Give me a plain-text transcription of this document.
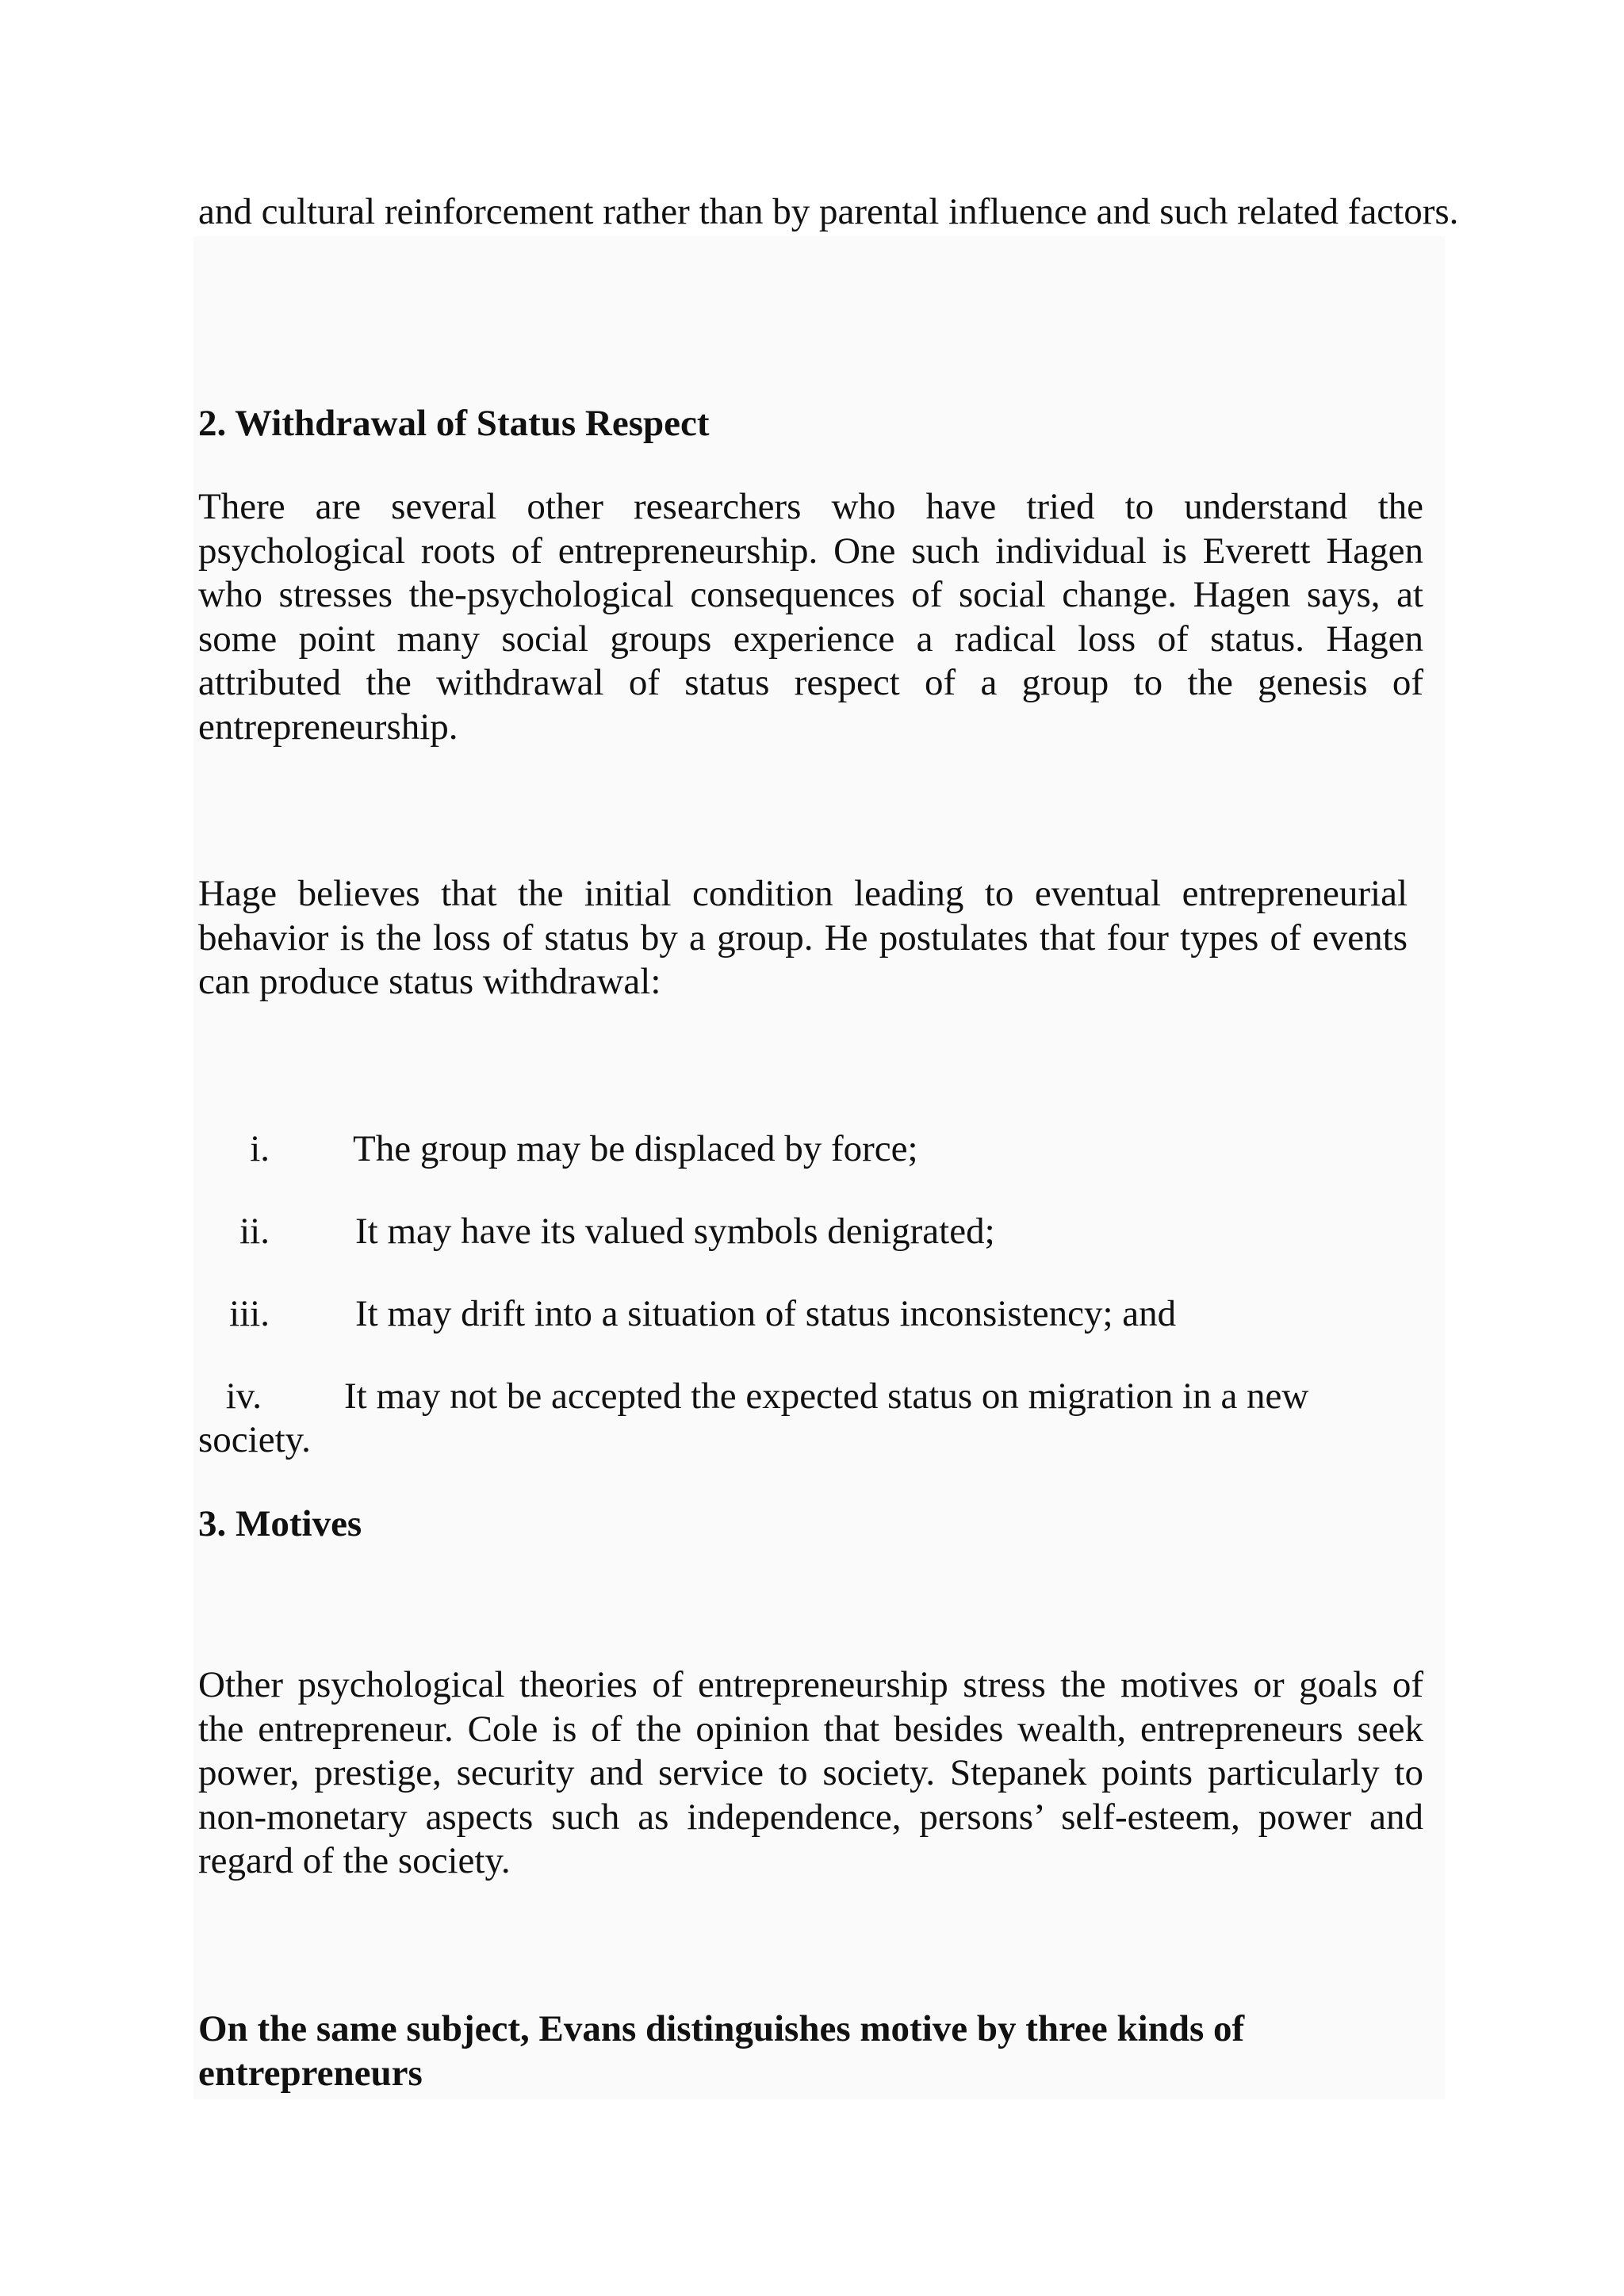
and cultural reinforcement rather than by parental influence and such related factors.

2. Withdrawal of Status Respect

There are several other researchers who have tried to understand the psychological roots of entrepreneurship. One such individual is Everett Hagen who stresses the-psychological consequences of social change. Hagen says, at some point many social groups experience a radical loss of status. Hagen attributed the withdrawal of status respect of a group to the genesis of entrepreneurship.

Hage believes that the initial condition leading to eventual entrepreneurial behavior is the loss of status by a group. He postulates that four types of events can produce status withdrawal:

i. The group may be displaced by force;
ii. It may have its valued symbols denigrated;
iii. It may drift into a situation of status inconsistency; and
iv. It may not be accepted the expected status on migration in a new
society.
3. Motives

Other psychological theories of entrepreneurship stress the motives or goals of the entrepreneur. Cole is of the opinion that besides wealth, entrepreneurs seek power, prestige, security and service to society. Stepanek points particularly to non-monetary aspects such as independence, persons’ self-esteem, power and regard of the society.

On the same subject, Evans distinguishes motive by three kinds of entrepreneurs
